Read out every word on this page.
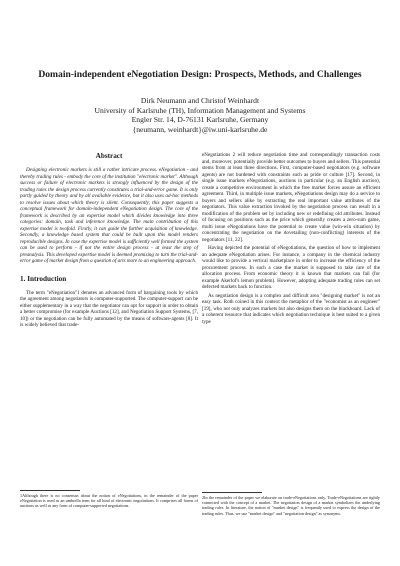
Domain-independent eNegotiation Design: Prospects, Methods, and Challenges
Dirk Neumann and Christof Weinhardt
University of Karlsruhe (TH), Information Management and Systems
Engler Str. 14, D-76131 Karlsruhe, Germany
{neumann, weinhardt}@iw.uni-karlsruhe.de
Abstract

Designing electronic markets is still a rather intricate process. eNegotiation - and thereby trading rules - embody the core of the institution "electronic market". Although success or failure of electronic markets is strongly influenced by the design of the trading rules the design process currently constitutes a trial-and-error game. It is only partly guided by theory and by all available evidence, but it also uses ad-hoc methods to resolve issues about which theory is silent. Consequently, this paper suggests a conceptual framework for domain-independent eNegotiation design. The core of the framework is described by an expertise model which divides knowledge into three categories: domain, task and inference knowledge. The main contribution of this expertise model is twofold. Firstly, it can guide the further acquisition of knowledge. Secondly, a knowledge based system that could be built upon this model renders reproducible designs. In case the expertise model is sufficiently well formed the system can be used to perform - if not the entire design process - at least the step of preanalysis. This developed expertise model is deemed promising to turn the trial-and-error game of market design from a question of arts more to an engineering approach.

1. Introduction

The term "eNegotiation"1 denotes an advanced form of bargaining tools by which the agreement among negotiators is computer-supported. The computer-support can be either supplementary in a way that the negotiator can opt for support in order to obtain a better compromise (for example Auctions [12], and Negotiation Support Systems, [7, 10]) or the negotiation can be fully automated by the means of software-agents [8]. It is widely believed that trade-

1Although there is no consensus about the notion of eNegotiations, in the remainder of the paper eNegotiation is used as an umbrella term for all kind of electronic negotiations. It comprises all forms of auctions as well as any form of computer-supported negotiations.

eNegotiations 2 will reduce negotiation time and correspondingly transaction costs and, moreover, potentially provide better outcomes to buyers and sellers. This potential stems from at least three directions. First, computer-based negotiators (e.g. software agents) are not burdened with constraints such as pride or culture [17]. Second, in single issue markets eNegotiations, auctions in particular (e.g. an English auction), create a competitive environment in which the free market forces assure an efficient agreement. Third, in multiple issue markets, eNegotiations design may do a service to buyers and sellers alike by extracting the real important value attributes of the negotiators. This value extraction invoked by the negotiation process can result in a modification of the problem set by including new or redefining old attributes. Instead of focusing on positions such as the price which generally creates a zero-sum game, multi issue eNegotiations have the potential to create value (win-win situation) by concentrating the negotiation on the dovetailing (non-conflicting) interests of the negotiators [11, 22].

Having depicted the potential of eNegotiations, the question of how to implement an adequate eNegotiation arises. For instance, a company in the chemical industry would like to provide a vertical marketplace in order to increase the efficiency of the procurement process. In such a case the market is supposed to take care of the allocation process. From economic theory it is known that markets can fail (for example Akerlof's lemon problem). However, adopting adequate trading rules can set defected markets back to function.

As negotiation design is a complex and difficult area "designing market" is not an easy task. Roth coined in this context the metaphor of the "economist as an engineer" [19], who not only analyzes markets but also designs them on the blackboard. Lack of a coherent resource that indicates which negotiation technique is best suited to a given type

2In the remainder of the paper we elaborate on trade-eNegotiations only. Trade-eNegotiations are tightly connected with the concept of a market. The negotiation design of a market symbolizes the underlying trading rules. In literature, the notion of "market design" is frequently used to express the design of the trading rules. Thus, we use "market design" and "negotiation design" as synonyms.
